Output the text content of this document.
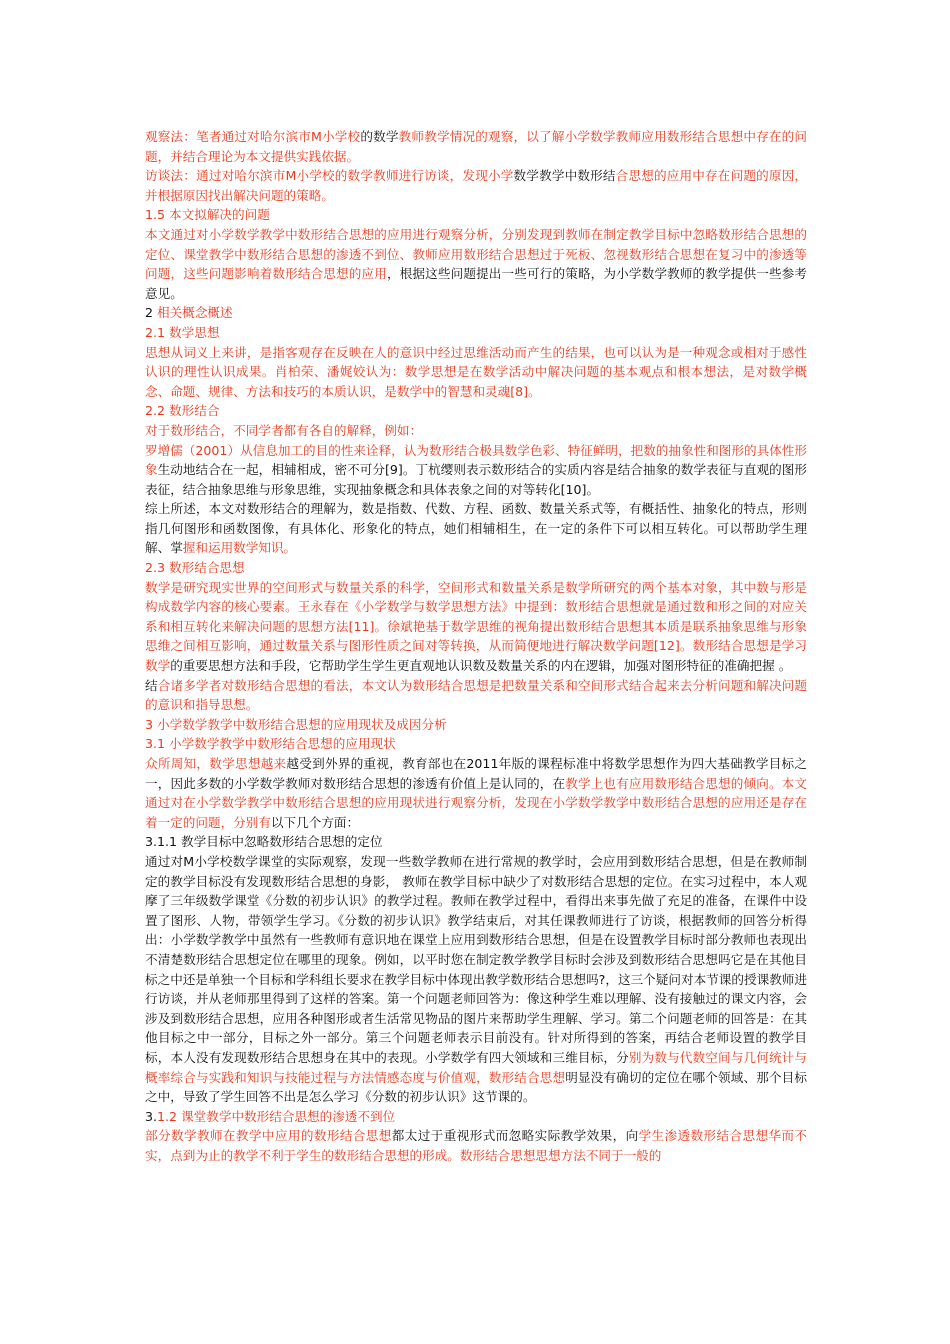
观察法：笔者通过对哈尔滨市M小学校的数学教师教学情况的观察，以了解小学数学教师应用数形结合思想中存在的问题，并结合理论为本文提供实践依据。

访谈法：通过对哈尔滨市M小学校的数学教师进行访谈，发现小学数学教学中数形结合思想的应用中存在问题的原因，并根据原因找出解决问题的策略。

1.5 本文拟解决的问题

本文通过对小学数学教学中数形结合思想的应用进行观察分析，分别发现到教师在制定教学目标中忽略数形结合思想的定位、课堂教学中数形结合思想的渗透不到位、教师应用数形结合思想过于死板、忽视数形结合思想在复习中的渗透等问题，这些问题影响着数形结合思想的应用，根据这些问题提出一些可行的策略，为小学数学教师的教学提供一些参考意见。

2 相关概念概述

2.1 数学思想

思想从词义上来讲，是指客观存在反映在人的意识中经过思维活动而产生的结果，也可以认为是一种观念或相对于感性认识的理性认识成果。肖柏荣、潘娓姣认为：数学思想是在数学活动中解决问题的基本观点和根本想法，是对数学概念、命题、规律、方法和技巧的本质认识，是数学中的智慧和灵魂[8]。

2.2 数形结合

对于数形结合，不同学者都有各自的解释，例如：

罗增儒（2001）从信息加工的目的性来诠释，认为数形结合极具数学色彩、特征鲜明，把数的抽象性和图形的具体性形象生动地结合在一起，相辅相成，密不可分[9]。丁杭缨则表示数形结合的实质内容是结合抽象的数学表征与直观的图形表征，结合抽象思维与形象思维，实现抽象概念和具体表象之间的对等转化[10]。

综上所述，本文对数形结合的理解为，数是指数、代数、方程、函数、数量关系式等，有概括性、抽象化的特点，形则指几何图形和函数图像，有具体化、形象化的特点，她们相辅相生，在一定的条件下可以相互转化。可以帮助学生理解、掌握和运用数学知识。

2.3 数形结合思想

数学是研究现实世界的空间形式与数量关系的科学，空间形式和数量关系是数学所研究的两个基本对象，其中数与形是构成数学内容的核心要素。王永春在《小学数学与数学思想方法》中提到：数形结合思想就是通过数和形之间的对应关系和相互转化来解决问题的思想方法[11]。徐斌艳基于数学思维的视角提出数形结合思想其本质是联系抽象思维与形象思维之间相互影响，通过数量关系与图形性质之间对等转换，从而简便地进行解决数学问题[12]。数形结合思想是学习数学的重要思想方法和手段，它帮助学生学生更直观地认识数及数量关系的内在逻辑，加强对图形特征的准确把握 。

结合诸多学者对数形结合思想的看法，本文认为数形结合思想是把数量关系和空间形式结合起来去分析问题和解决问题的意识和指导思想。

3 小学数学教学中数形结合思想的应用现状及成因分析

3.1 小学数学教学中数形结合思想的应用现状

众所周知，数学思想越来越受到外界的重视，教育部也在2011年版的课程标准中将数学思想作为四大基础教学目标之一，因此多数的小学数学教师对数形结合思想的渗透有价值上是认同的，在教学上也有应用数形结合思想的倾向。本文通过对在小学数学教学中数形结合思想的应用现状进行观察分析，发现在小学数学教学中数形结合思想的应用还是存在着一定的问题，分别有以下几个方面：

3.1.1 教学目标中忽略数形结合思想的定位

通过对M小学校数学课堂的实际观察，发现一些数学教师在进行常规的教学时，会应用到数形结合思想，但是在教师制定的教学目标没有发现数形结合思想的身影， 教师在教学目标中缺少了对数形结合思想的定位。在实习过程中，本人观摩了三年级数学课堂《分数的初步认识》的教学过程。教师在教学过程中，看得出来事先做了充足的准备，在课件中设置了图形、人物，带领学生学习。《分数的初步认识》教学结束后，对其任课教师进行了访谈，根据教师的回答分析得出：小学数学教学中虽然有一些教师有意识地在课堂上应用到数形结合思想，但是在设置教学目标时部分教师也表现出不清楚数形结合思想定位在哪里的现象。例如，以平时您在制定教学教学目标时会涉及到数形结合思想吗它是在其他目标之中还是单独一个目标和学科组长要求在教学目标中体现出教学数形结合思想吗?，这三个疑问对本节课的授课教师进行访谈，并从老师那里得到了这样的答案。第一个问题老师回答为：像这种学生难以理解、没有接触过的课文内容，会涉及到数形结合思想，应用各种图形或者生活常见物品的图片来帮助学生理解、学习。第二个问题老师的回答是：在其他目标之中一部分，目标之外一部分。第三个问题老师表示目前没有。针对所得到的答案，再结合老师设置的教学目标，本人没有发现数形结合思想身在其中的表现。小学数学有四大领域和三维目标，分别为数与代数空间与几何统计与概率综合与实践和知识与技能过程与方法情感态度与价值观，数形结合思想明显没有确切的定位在哪个领域、那个目标之中，导致了学生回答不出是怎么学习《分数的初步认识》这节课的。

3.1.2 课堂教学中数形结合思想的渗透不到位

部分数学教师在教学中应用的数形结合思想都太过于重视形式而忽略实际教学效果，向学生渗透数形结合思想华而不实，点到为止的教学不利于学生的数形结合思想的形成。数形结合思想思想方法不同于一般的
